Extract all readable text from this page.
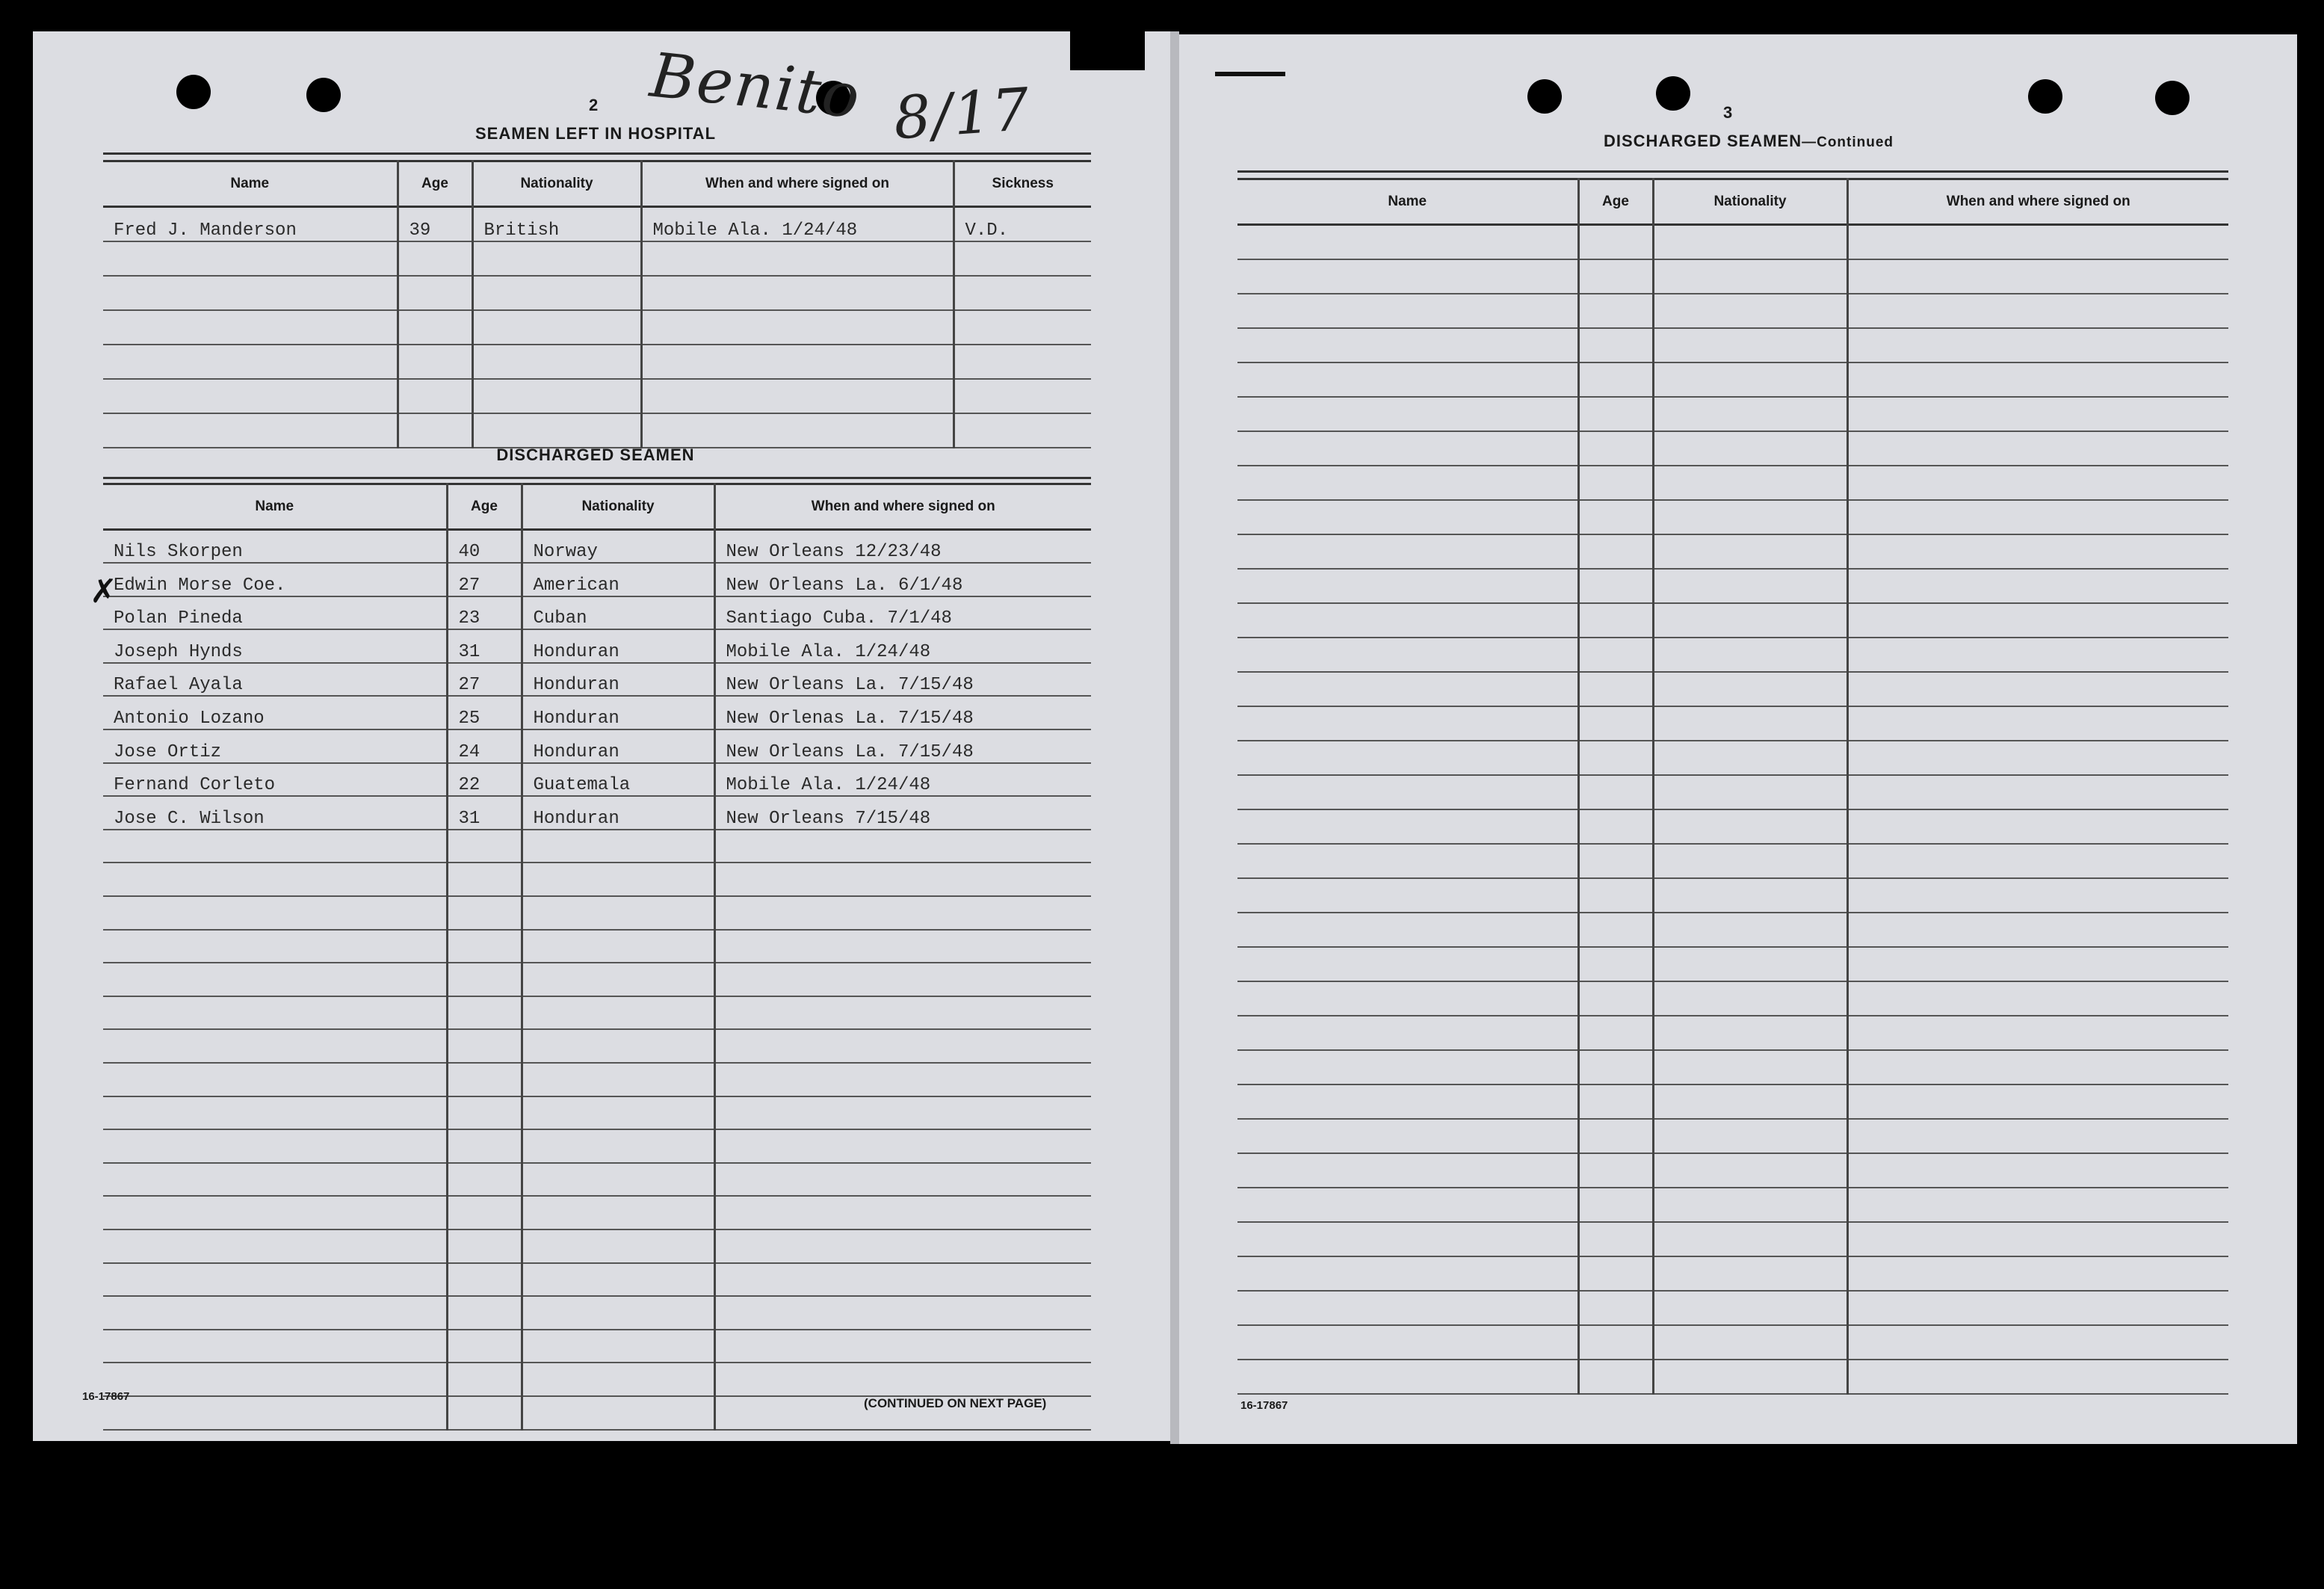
Benito 8/17
2
SEAMEN LEFT IN HOSPITAL
Name	Age	Nationality	When and where signed on	Sickness
Fred J. Manderson	39	British	Mobile Ala. 1/24/48	V.D.

DISCHARGED SEAMEN
Name	Age	Nationality	When and where signed on
Nils Skorpen	40	Norway	New Orleans 12/23/48
Edwin Morse Coe.	27	American	New Orleans La. 6/1/48
Polan Pineda	23	Cuban	Santiago Cuba. 7/1/48
Joseph Hynds	31	Honduran	Mobile Ala. 1/24/48
Rafael Ayala	27	Honduran	New Orleans La. 7/15/48
Antonio Lozano	25	Honduran	New Orlenas La. 7/15/48
Jose Ortiz	24	Honduran	New Orleans La. 7/15/48
Fernand Corleto	22	Guatemala	Mobile Ala. 1/24/48
Jose C. Wilson	31	Honduran	New Orleans 7/15/48

✗
16-17867	(CONTINUED ON NEXT PAGE)
3
DISCHARGED SEAMEN—Continued
Name	Age	Nationality	When and where signed on

16-17867
